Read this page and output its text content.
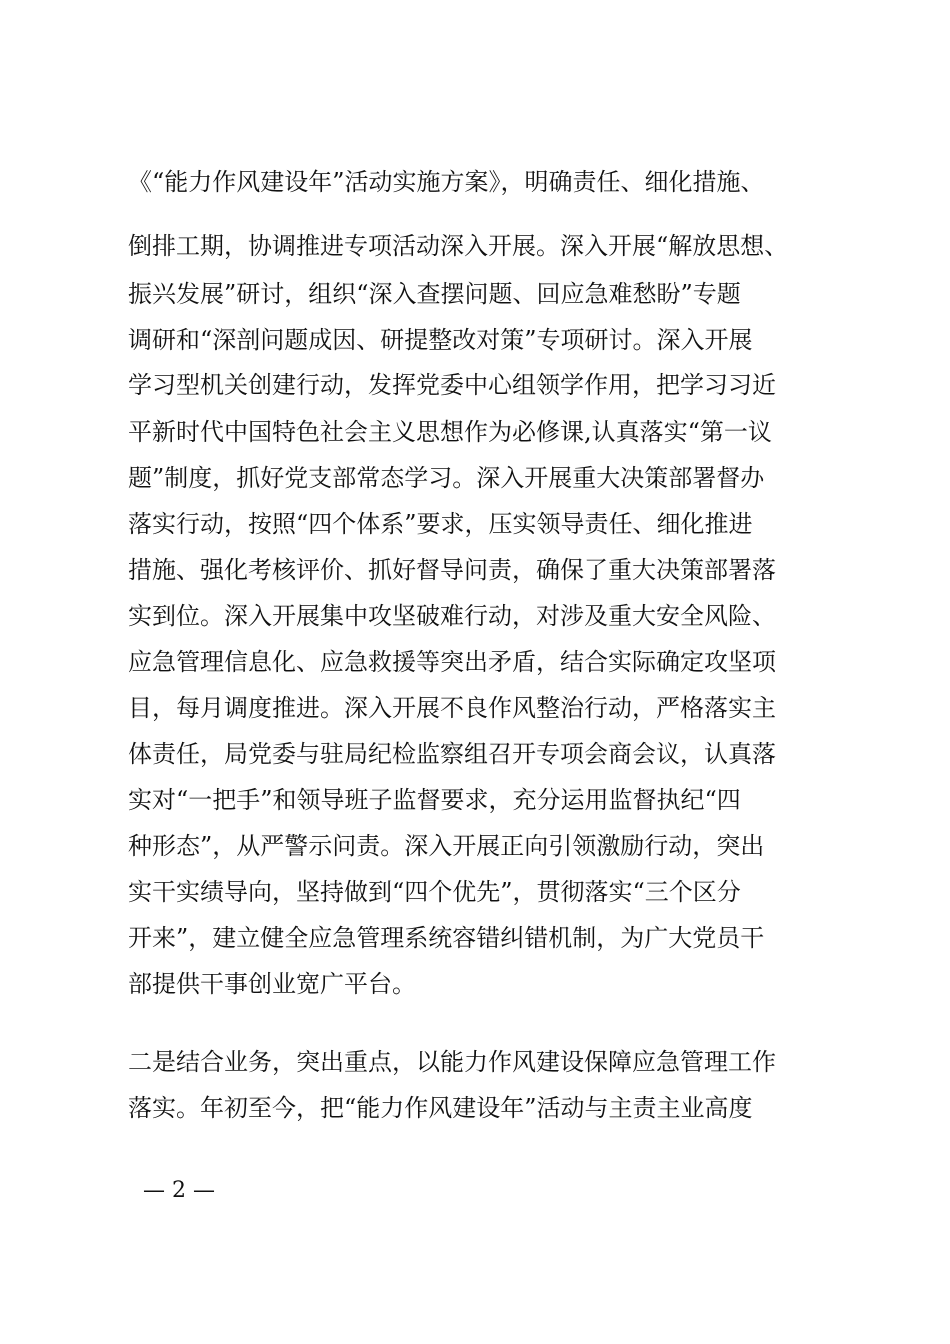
《“能力作风建设年”活动实施方案》，明确责任、细化措施、
倒排工期，协调推进专项活动深入开展。深入开展“解放思想、
振兴发展”研讨，组织“深入查摆问题、回应急难愁盼”专题
调研和“深剖问题成因、研提整改对策”专项研讨。深入开展
学习型机关创建行动，发挥党委中心组领学作用，把学习习近
平新时代中国特色社会主义思想作为必修课,认真落实“第一议
题”制度，抓好党支部常态学习。深入开展重大决策部署督办
落实行动，按照“四个体系”要求，压实领导责任、细化推进
措施、强化考核评价、抓好督导问责，确保了重大决策部署落
实到位。深入开展集中攻坚破难行动，对涉及重大安全风险、
应急管理信息化、应急救援等突出矛盾，结合实际确定攻坚项
目，每月调度推进。深入开展不良作风整治行动，严格落实主
体责任，局党委与驻局纪检监察组召开专项会商会议，认真落
实对“一把手”和领导班子监督要求，充分运用监督执纪“四
种形态”，从严警示问责。深入开展正向引领激励行动，突出
实干实绩导向，坚持做到“四个优先”，贯彻落实“三个区分
开来”，建立健全应急管理系统容错纠错机制，为广大党员干
部提供干事创业宽广平台。
二是结合业务，突出重点，以能力作风建设保障应急管理工作
落实。年初至今，把“能力作风建设年”活动与主责主业高度
— 2 —
